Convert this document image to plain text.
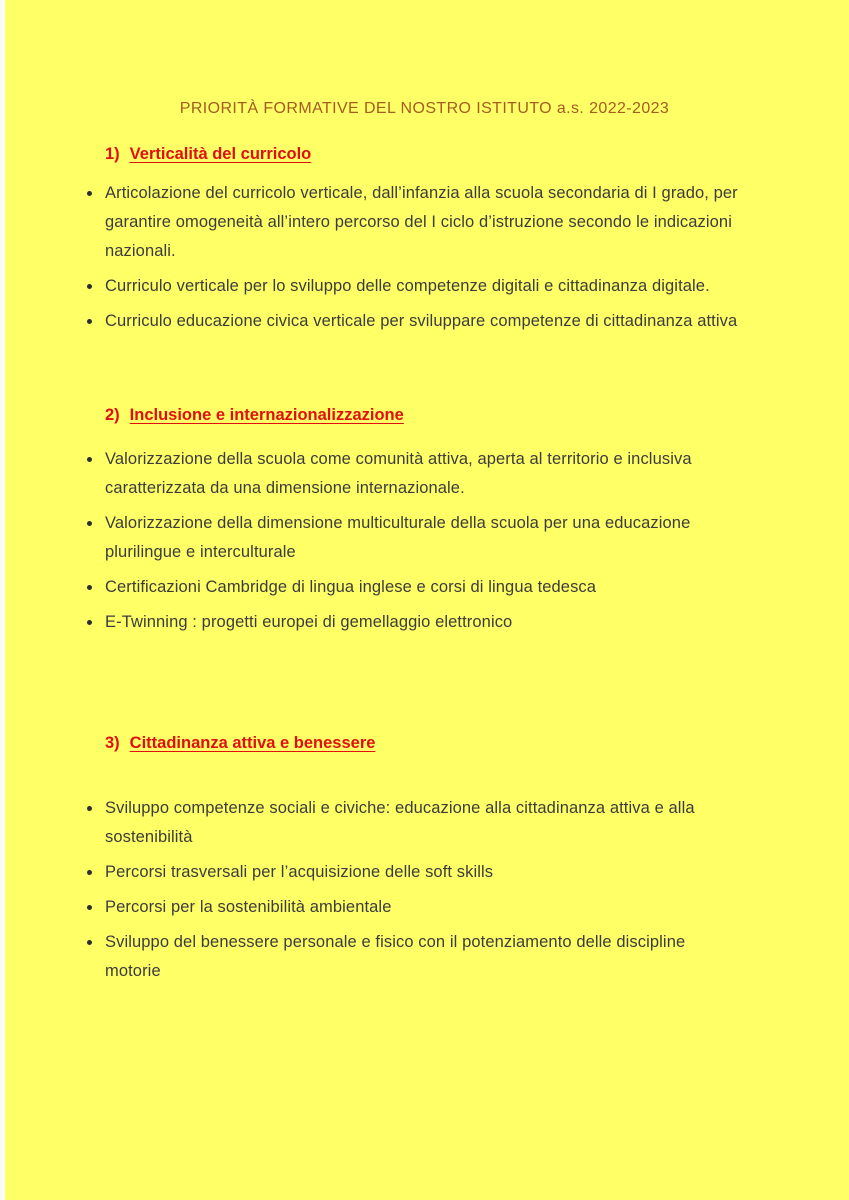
PRIORITÀ FORMATIVE DEL NOSTRO ISTITUTO a.s. 2022-2023
1) Verticalità del curricolo
Articolazione del curricolo verticale, dall’infanzia alla scuola secondaria di I grado, per garantire omogeneità all’intero percorso del I ciclo d’istruzione secondo le indicazioni nazionali.
Curriculo verticale per lo sviluppo delle competenze digitali e cittadinanza digitale.
Curriculo educazione civica verticale per sviluppare competenze di cittadinanza attiva
2) Inclusione e internazionalizzazione
Valorizzazione della scuola come comunità attiva, aperta al territorio e inclusiva caratterizzata da una dimensione internazionale.
Valorizzazione della dimensione multiculturale della scuola per una educazione plurilingue e interculturale
Certificazioni Cambridge di lingua inglese e corsi di lingua tedesca
E-Twinning : progetti europei di gemellaggio elettronico
3) Cittadinanza attiva e benessere
Sviluppo competenze sociali e civiche: educazione alla cittadinanza attiva e alla sostenibilità
Percorsi trasversali per l’acquisizione delle soft skills
Percorsi per la sostenibilità ambientale
Sviluppo del benessere personale e fisico con il potenziamento delle discipline motorie
